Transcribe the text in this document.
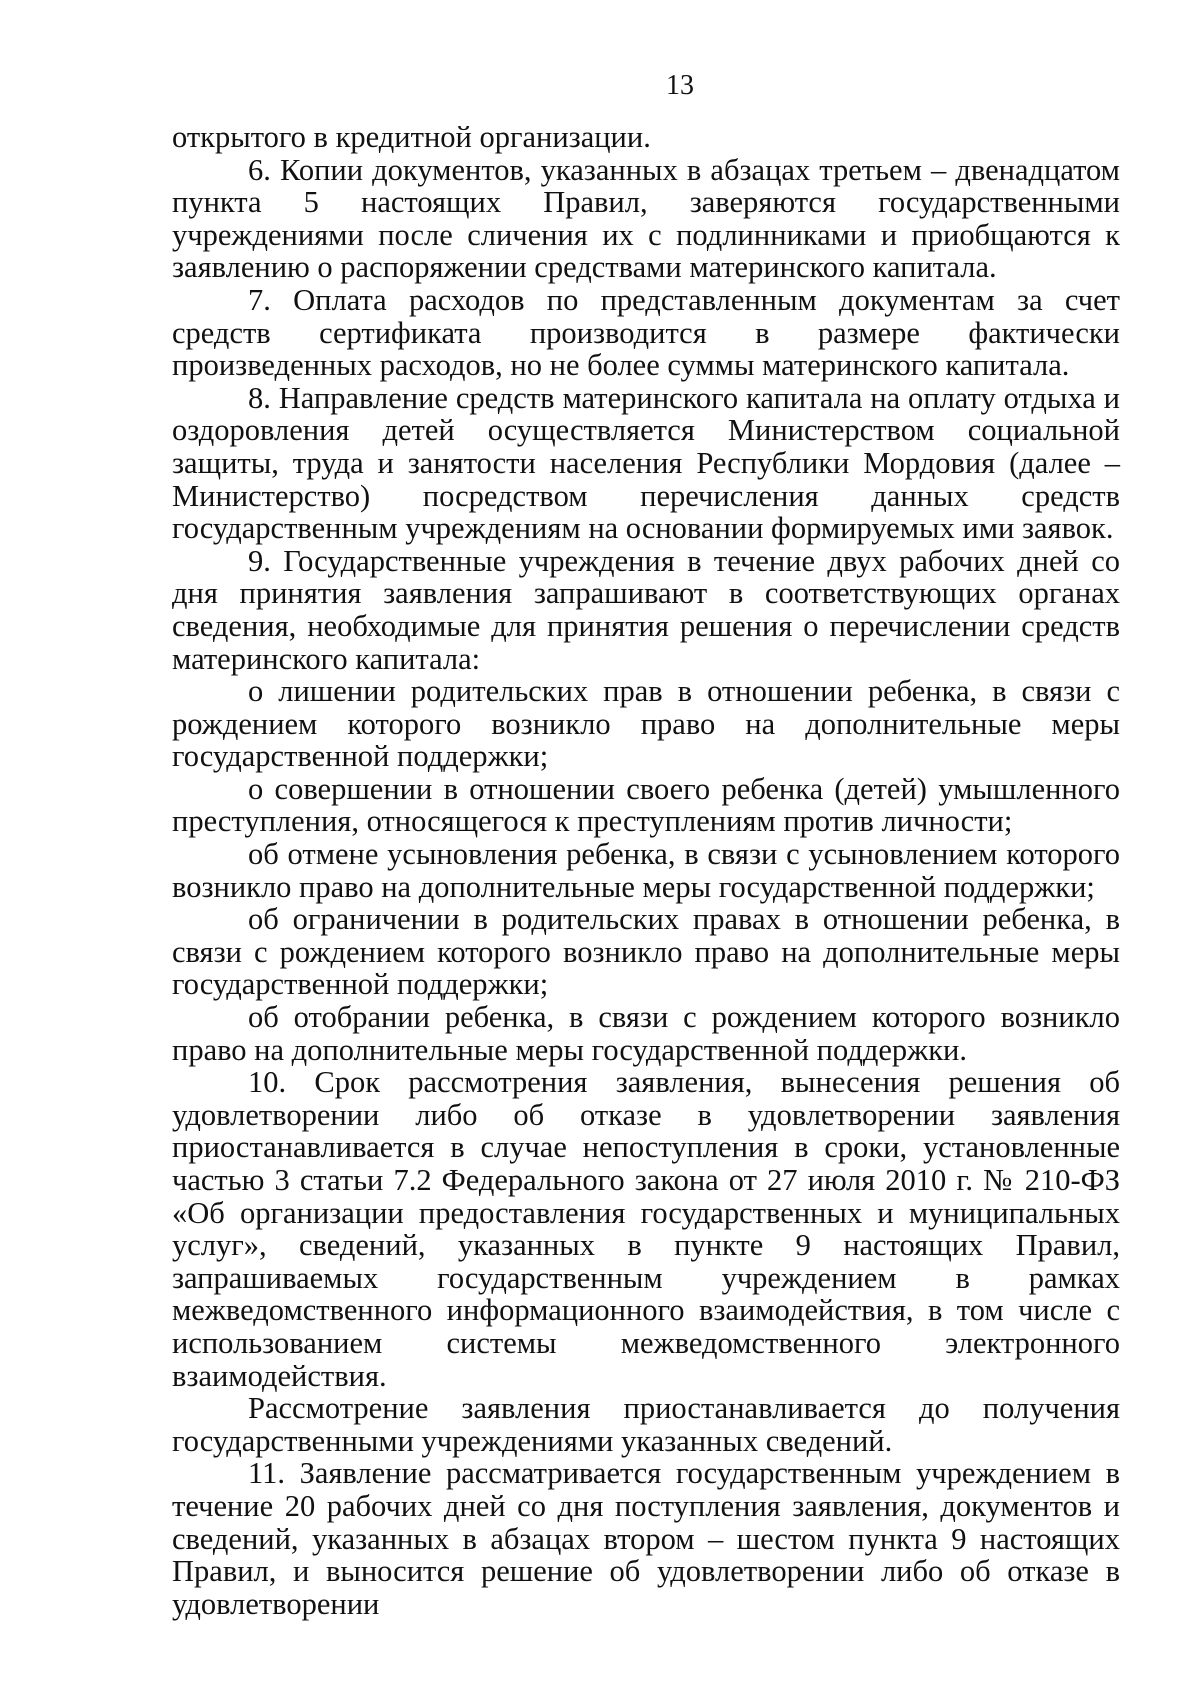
13

открытого в кредитной организации.

6. Копии документов, указанных в абзацах третьем – двенадцатом пункта 5 настоящих Правил, заверяются государственными учреждениями после сличения их с подлинниками и приобщаются к заявлению о распоряжении средствами материнского капитала.

7. Оплата расходов по представленным документам за счет средств сертификата производится в размере фактически произведенных расходов, но не более суммы материнского капитала.

8. Направление средств материнского капитала на оплату отдыха и оздоровления детей осуществляется Министерством социальной защиты, труда и занятости населения Республики Мордовия (далее – Министерство) посредством перечисления данных средств государственным учреждениям на основании формируемых ими заявок.

9. Государственные учреждения в течение двух рабочих дней со дня принятия заявления запрашивают в соответствующих органах сведения, необходимые для принятия решения о перечислении средств материнского капитала:

о лишении родительских прав в отношении ребенка, в связи с рождением которого возникло право на дополнительные меры государственной поддержки;

о совершении в отношении своего ребенка (детей) умышленного преступления, относящегося к преступлениям против личности;

об отмене усыновления ребенка, в связи с усыновлением которого возникло право на дополнительные меры государственной поддержки;

об ограничении в родительских правах в отношении ребенка, в связи с рождением которого возникло право на дополнительные меры государственной поддержки;

об отобрании ребенка, в связи с рождением которого возникло право на дополнительные меры государственной поддержки.

10. Срок рассмотрения заявления, вынесения решения об удовлетворении либо об отказе в удовлетворении заявления приостанавливается в случае непоступления в сроки, установленные частью 3 статьи 7.2 Федерального закона от 27 июля 2010 г. № 210-ФЗ «Об организации предоставления государственных и муниципальных услуг», сведений, указанных в пункте 9 настоящих Правил, запрашиваемых государственным учреждением в рамках межведомственного информационного взаимодействия, в том числе с использованием системы межведомственного электронного взаимодействия.

Рассмотрение заявления приостанавливается до получения государственными учреждениями указанных сведений.

11. Заявление рассматривается государственным учреждением в течение 20 рабочих дней со дня поступления заявления, документов и сведений, указанных в абзацах втором – шестом пункта 9 настоящих Правил, и выносится решение об удовлетворении либо об отказе в удовлетворении
